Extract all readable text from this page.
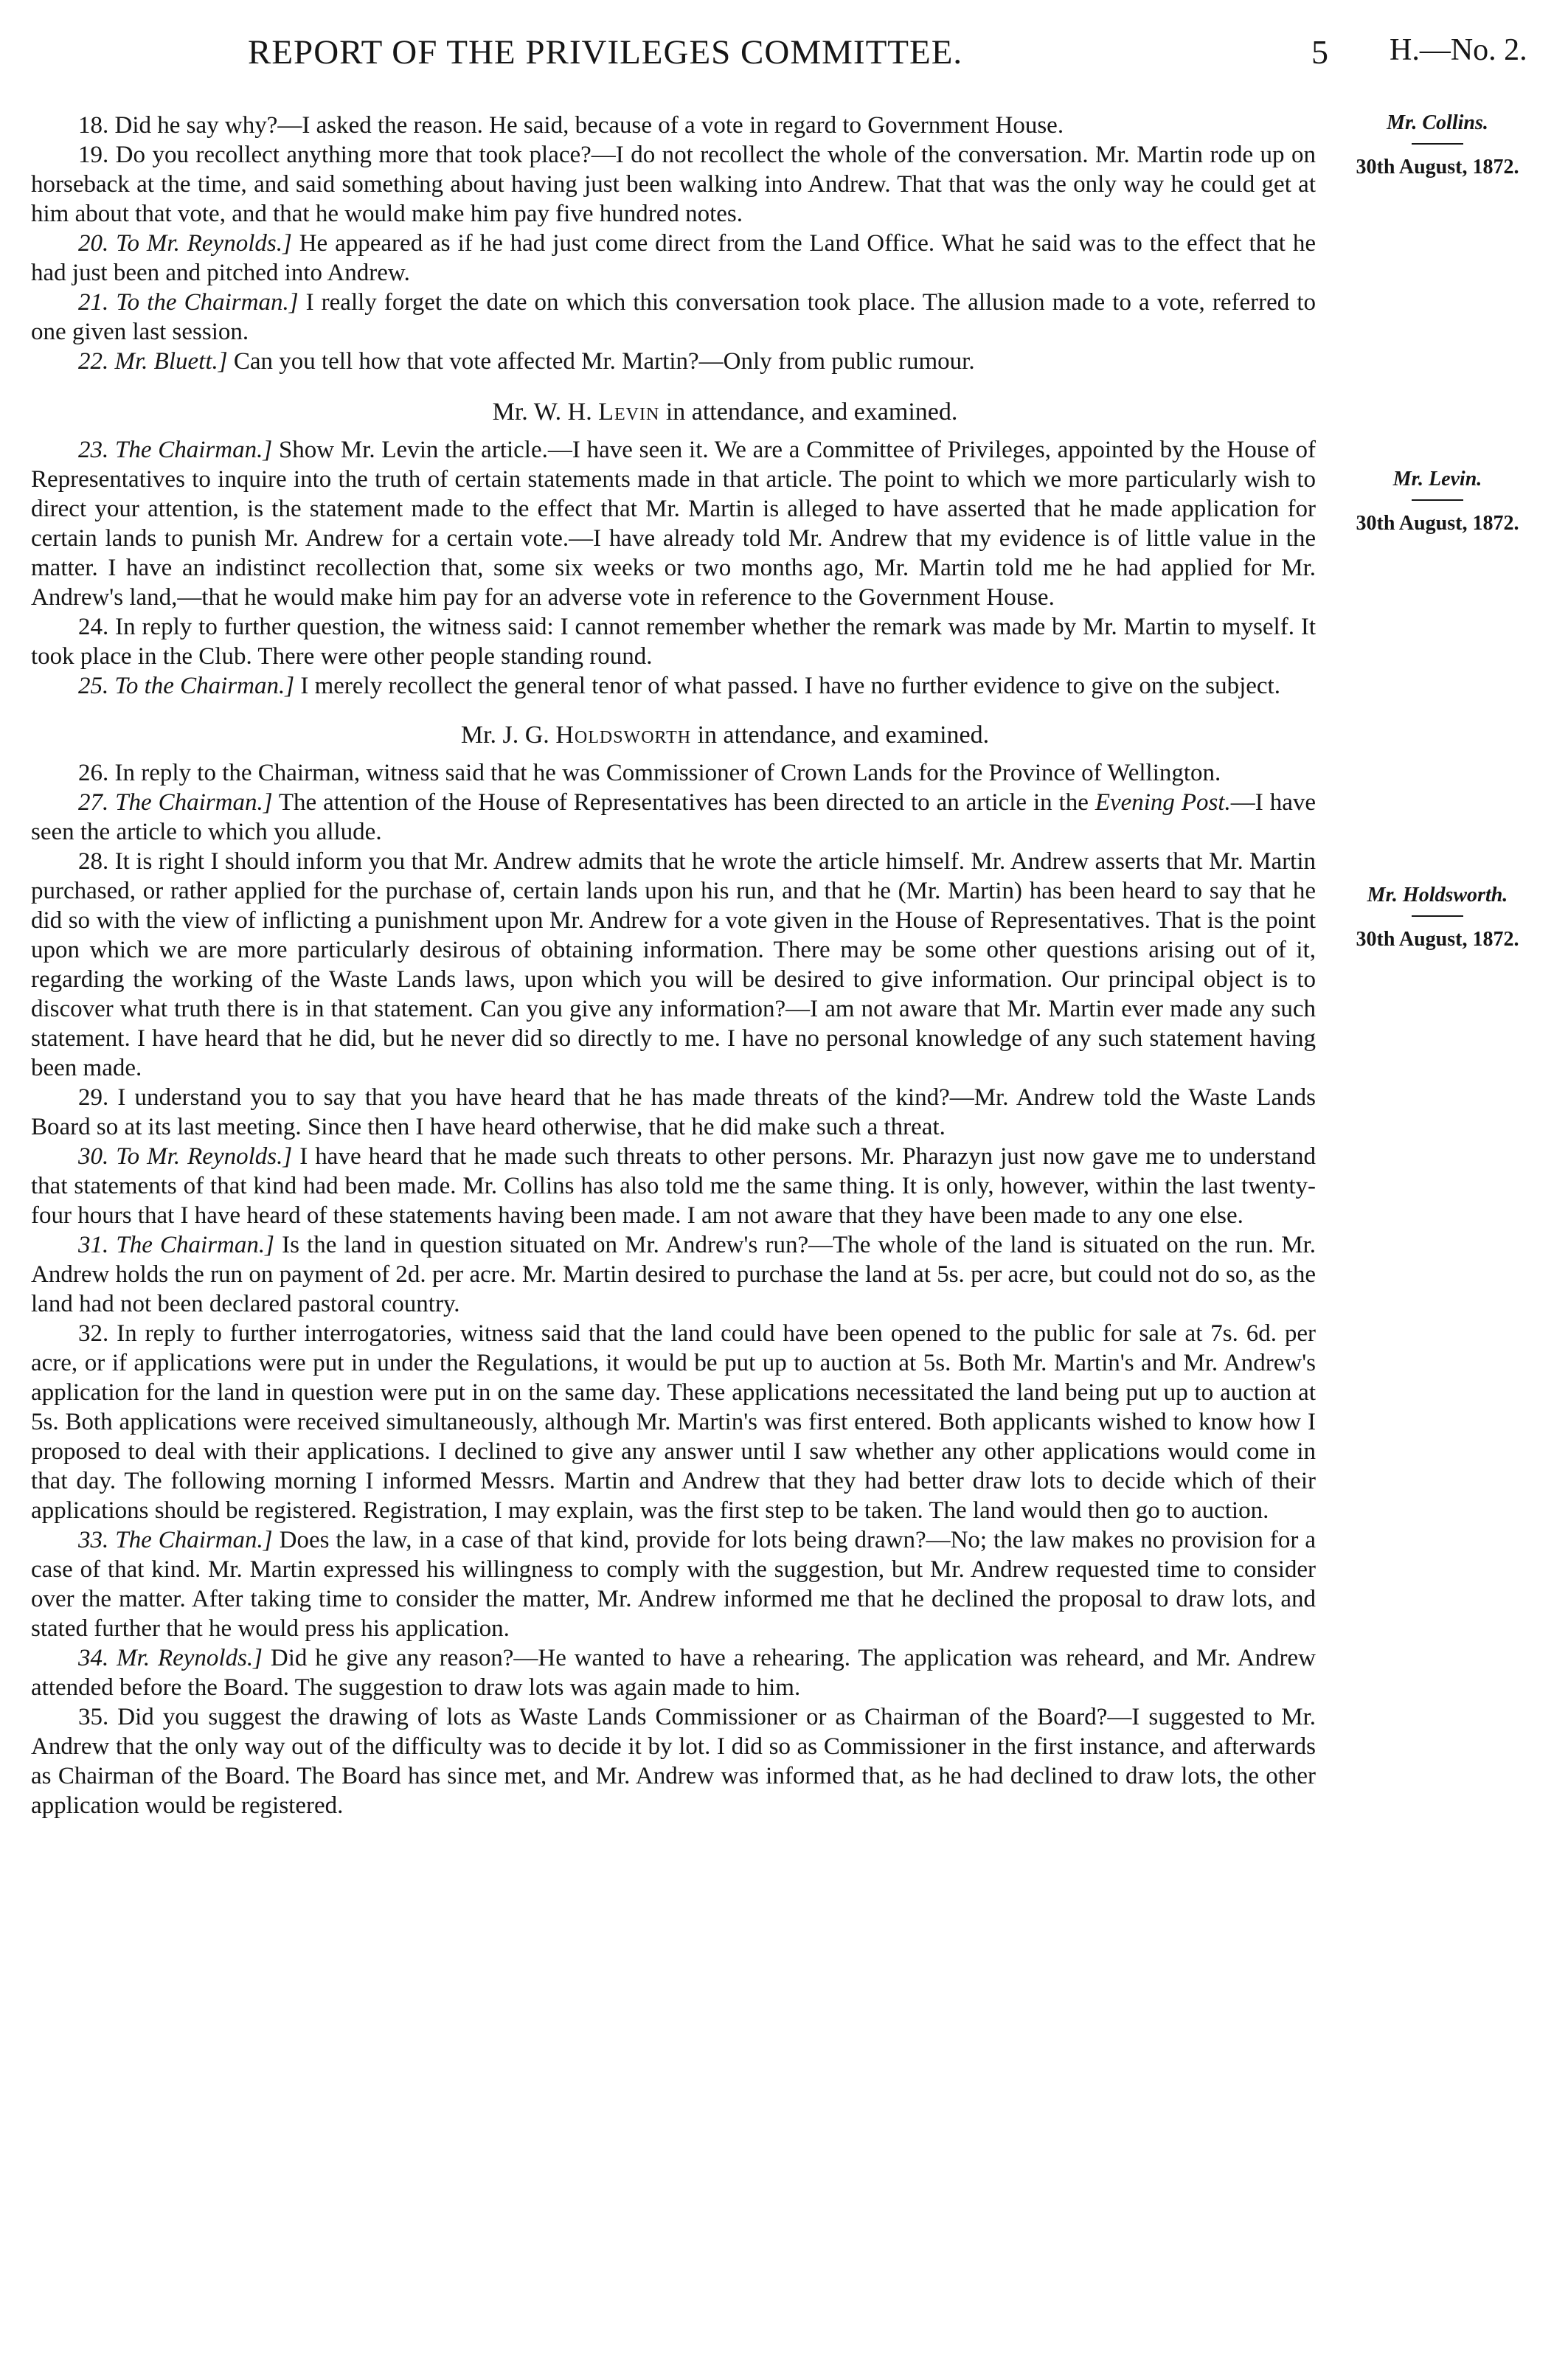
REPORT OF THE PRIVILEGES COMMITTEE.	5 H.—No. 2.

18. Did he say why?—I asked the reason. He said, because of a vote in regard to Government House.

19. Do you recollect anything more that took place?—I do not recollect the whole of the conversation. Mr. Martin rode up on horseback at the time, and said something about having just been walking into Andrew. That that was the only way he could get at him about that vote, and that he would make him pay five hundred notes.

20. To Mr. Reynolds.] He appeared as if he had just come direct from the Land Office. What he said was to the effect that he had just been and pitched into Andrew.

21. To the Chairman.] I really forget the date on which this conversation took place. The allusion made to a vote, referred to one given last session.

22. Mr. Bluett.] Can you tell how that vote affected Mr. Martin?—Only from public rumour.

Mr. W. H. Levin in attendance, and examined.

23. The Chairman.] Show Mr. Levin the article.—I have seen it. We are a Committee of Privileges, appointed by the House of Representatives to inquire into the truth of certain statements made in that article. The point to which we more particularly wish to direct your attention, is the statement made to the effect that Mr. Martin is alleged to have asserted that he made application for certain lands to punish Mr. Andrew for a certain vote.—I have already told Mr. Andrew that my evidence is of little value in the matter. I have an indistinct recollection that, some six weeks or two months ago, Mr. Martin told me he had applied for Mr. Andrew's land,—that he would make him pay for an adverse vote in reference to the Government House.

24. In reply to further question, the witness said: I cannot remember whether the remark was made by Mr. Martin to myself. It took place in the Club. There were other people standing round.

25. To the Chairman.] I merely recollect the general tenor of what passed. I have no further evidence to give on the subject.

Mr. J. G. Holdsworth in attendance, and examined.

26. In reply to the Chairman, witness said that he was Commissioner of Crown Lands for the Province of Wellington.

27. The Chairman.] The attention of the House of Representatives has been directed to an article in the Evening Post.—I have seen the article to which you allude.

28. It is right I should inform you that Mr. Andrew admits that he wrote the article himself. Mr. Andrew asserts that Mr. Martin purchased, or rather applied for the purchase of, certain lands upon his run, and that he (Mr. Martin) has been heard to say that he did so with the view of inflicting a punishment upon Mr. Andrew for a vote given in the House of Representatives. That is the point upon which we are more particularly desirous of obtaining information. There may be some other questions arising out of it, regarding the working of the Waste Lands laws, upon which you will be desired to give information. Our principal object is to discover what truth there is in that statement. Can you give any information?—I am not aware that Mr. Martin ever made any such statement. I have heard that he did, but he never did so directly to me. I have no personal knowledge of any such statement having been made.

29. I understand you to say that you have heard that he has made threats of the kind?—Mr. Andrew told the Waste Lands Board so at its last meeting. Since then I have heard otherwise, that he did make such a threat.

30. To Mr. Reynolds.] I have heard that he made such threats to other persons. Mr. Pharazyn just now gave me to understand that statements of that kind had been made. Mr. Collins has also told me the same thing. It is only, however, within the last twenty-four hours that I have heard of these statements having been made. I am not aware that they have been made to any one else.

31. The Chairman.] Is the land in question situated on Mr. Andrew's run?—The whole of the land is situated on the run. Mr. Andrew holds the run on payment of 2d. per acre. Mr. Martin desired to purchase the land at 5s. per acre, but could not do so, as the land had not been declared pastoral country.

32. In reply to further interrogatories, witness said that the land could have been opened to the public for sale at 7s. 6d. per acre, or if applications were put in under the Regulations, it would be put up to auction at 5s. Both Mr. Martin's and Mr. Andrew's application for the land in question were put in on the same day. These applications necessitated the land being put up to auction at 5s. Both applications were received simultaneously, although Mr. Martin's was first entered. Both applicants wished to know how I proposed to deal with their applications. I declined to give any answer until I saw whether any other applications would come in that day. The following morning I informed Messrs. Martin and Andrew that they had better draw lots to decide which of their applications should be registered. Registration, I may explain, was the first step to be taken. The land would then go to auction.

33. The Chairman.] Does the law, in a case of that kind, provide for lots being drawn?—No; the law makes no provision for a case of that kind. Mr. Martin expressed his willingness to comply with the suggestion, but Mr. Andrew requested time to consider over the matter. After taking time to consider the matter, Mr. Andrew informed me that he declined the proposal to draw lots, and stated further that he would press his application.

34. Mr. Reynolds.] Did he give any reason?—He wanted to have a rehearing. The application was reheard, and Mr. Andrew attended before the Board. The suggestion to draw lots was again made to him.

35. Did you suggest the drawing of lots as Waste Lands Commissioner or as Chairman of the Board?—I suggested to Mr. Andrew that the only way out of the difficulty was to decide it by lot. I did so as Commissioner in the first instance, and afterwards as Chairman of the Board. The Board has since met, and Mr. Andrew was informed that, as he had declined to draw lots, the other application would be registered.

Mr. Collins.
30th August, 1872.
Mr. Levin.
30th August, 1872.
Mr. Holdsworth.
30th August, 1872.
